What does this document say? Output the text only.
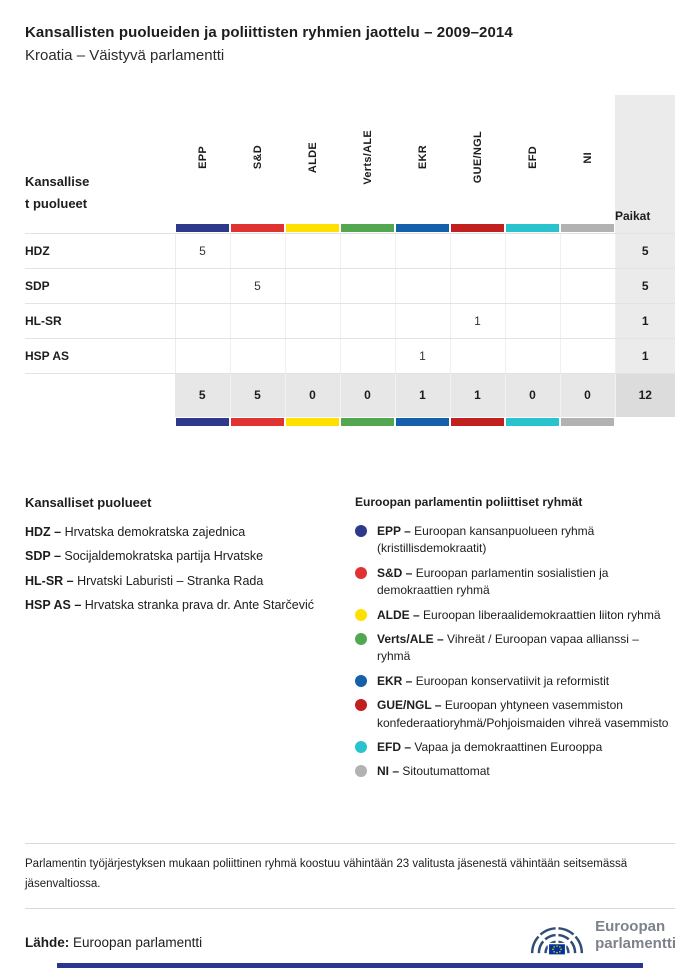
Kansallisten puolueiden ja poliittisten ryhmien jaottelu – 2009–2014
Kroatia – Väistyvä parlamentti
Kansalliset puolueet	EPP	S&D	ALDE	Verts/ALE	EKR	GUE/NGL	EFD	NI	Paikat

HDZ	5								5
SDP		5							5
HL-SR						1			1
HSP AS					1				1
	5	5	0	0	1	1	0	0	12

Kansalliset puolueet
HDZ – Hrvatska demokratska zajednica
SDP – Socijaldemokratska partija Hrvatske
HL-SR – Hrvatski Laburisti – Stranka Rada
HSP AS – Hrvatska stranka prava dr. Ante Starčević
Euroopan parlamentin poliittiset ryhmät
EPP – Euroopan kansanpuolueen ryhmä (kristillisdemokraatit)
S&D – Euroopan parlamentin sosialistien ja demokraattien ryhmä
ALDE – Euroopan liberaalidemokraattien liiton ryhmä
Verts/ALE – Vihreät / Euroopan vapaa allianssi – ryhmä
EKR – Euroopan konservatiivit ja reformistit
GUE/NGL – Euroopan yhtyneen vasemmiston konfederaatioryhmä/Pohjoismaiden vihreä vasemmisto
EFD – Vapaa ja demokraattinen Eurooppa
NI – Sitoutumattomat
Parlamentin työjärjestyksen mukaan poliittinen ryhmä koostuu vähintään 23 valitusta jäsenestä vähintään seitsemässä jäsenvaltiossa.
Lähde: Euroopan parlamentti
Euroopan
parlamentti
